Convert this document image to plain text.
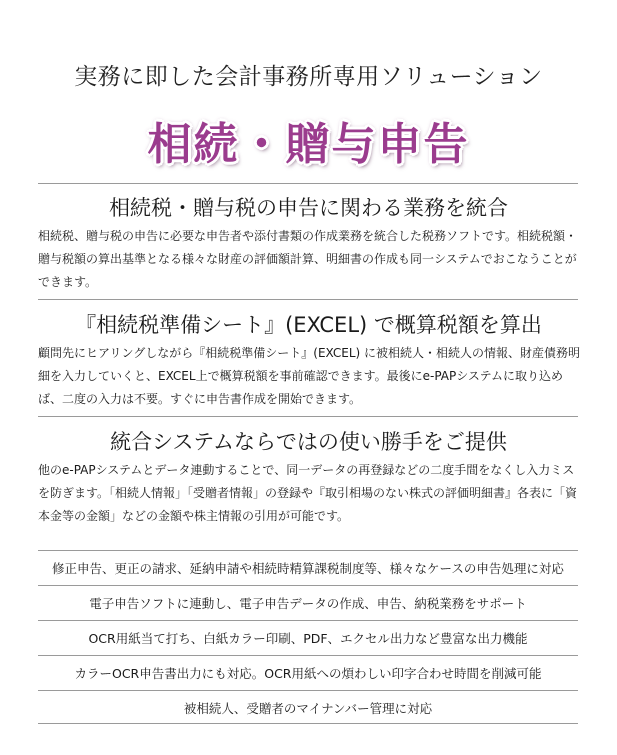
実務に即した会計事務所専用ソリューション
相続・贈与申告
相続税・贈与税の申告に関わる業務を統合
相続税、贈与税の申告に必要な申告者や添付書類の作成業務を統合した税務ソフトです。相続税額・贈与税額の算出基準となる様々な財産の評価額計算、明細書の作成も同一システムでおこなうことができます。
『相続税準備シート』(EXCEL) で概算税額を算出
顧問先にヒアリングしながら『相続税準備シート』(EXCEL) に被相続人・相続人の情報、財産債務明細を入力していくと、EXCEL上で概算税額を事前確認できます。最後にe-PAPシステムに取り込めば、二度の入力は不要。すぐに申告書作成を開始できます。
統合システムならではの使い勝手をご提供
他のe-PAPシステムとデータ連動することで、同一データの再登録などの二度手間をなくし入力ミスを防ぎます。「相続人情報」「受贈者情報」の登録や『取引相場のない株式の評価明細書』各表に「資本金等の金額」などの金額や株主情報の引用が可能です。
修正申告、更正の請求、延納申請や相続時精算課税制度等、様々なケースの申告処理に対応
電子申告ソフトに連動し、電子申告データの作成、申告、納税業務をサポート
OCR用紙当て打ち、白紙カラー印刷、PDF、エクセル出力など豊富な出力機能
カラーOCR申告書出力にも対応。OCR用紙への煩わしい印字合わせ時間を削減可能
被相続人、受贈者のマイナンバー管理に対応
